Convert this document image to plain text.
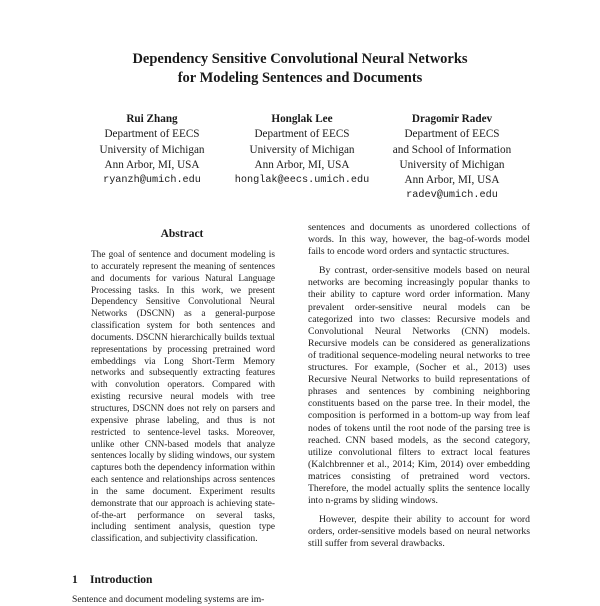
Dependency Sensitive Convolutional Neural Networks
for Modeling Sentences and Documents
Rui Zhang
Department of EECS
University of Michigan
Ann Arbor, MI, USA
ryanzh@umich.edu
Honglak Lee
Department of EECS
University of Michigan
Ann Arbor, MI, USA
honglak@eecs.umich.edu
Dragomir Radev
Department of EECS
and School of Information
University of Michigan
Ann Arbor, MI, USA
radev@umich.edu
Abstract
The goal of sentence and document modeling is to accurately represent the meaning of sentences and documents for various Natural Language Processing tasks. In this work, we present Dependency Sensitive Convolutional Neural Networks (DSCNN) as a general-purpose classification system for both sentences and documents. DSCNN hierarchically builds textual representations by processing pretrained word embeddings via Long Short-Term Memory networks and subsequently extracting features with convolution operators. Compared with existing recursive neural models with tree structures, DSCNN does not rely on parsers and expensive phrase labeling, and thus is not restricted to sentence-level tasks. Moreover, unlike other CNN-based models that analyze sentences locally by sliding windows, our system captures both the dependency information within each sentence and relationships across sentences in the same document. Experiment results demonstrate that our approach is achieving state-of-the-art performance on several tasks, including sentiment analysis, question type classification, and subjectivity classification.
1 Introduction
Sentence and document modeling systems are im-

sentences and documents as unordered collections of words. In this way, however, the bag-of-words model fails to encode word orders and syntactic structures.

By contrast, order-sensitive models based on neural networks are becoming increasingly popular thanks to their ability to capture word order information. Many prevalent order-sensitive neural models can be categorized into two classes: Recursive models and Convolutional Neural Networks (CNN) models. Recursive models can be considered as generalizations of traditional sequence-modeling neural networks to tree structures. For example, (Socher et al., 2013) uses Recursive Neural Networks to build representations of phrases and sentences by combining neighboring constituents based on the parse tree. In their model, the composition is performed in a bottom-up way from leaf nodes of tokens until the root node of the parsing tree is reached. CNN based models, as the second category, utilize convolutional filters to extract local features (Kalchbrenner et al., 2014; Kim, 2014) over embedding matrices consisting of pretrained word vectors. Therefore, the model actually splits the sentence locally into n-grams by sliding windows.

However, despite their ability to account for word orders, order-sensitive models based on neural networks still suffer from several drawbacks.
